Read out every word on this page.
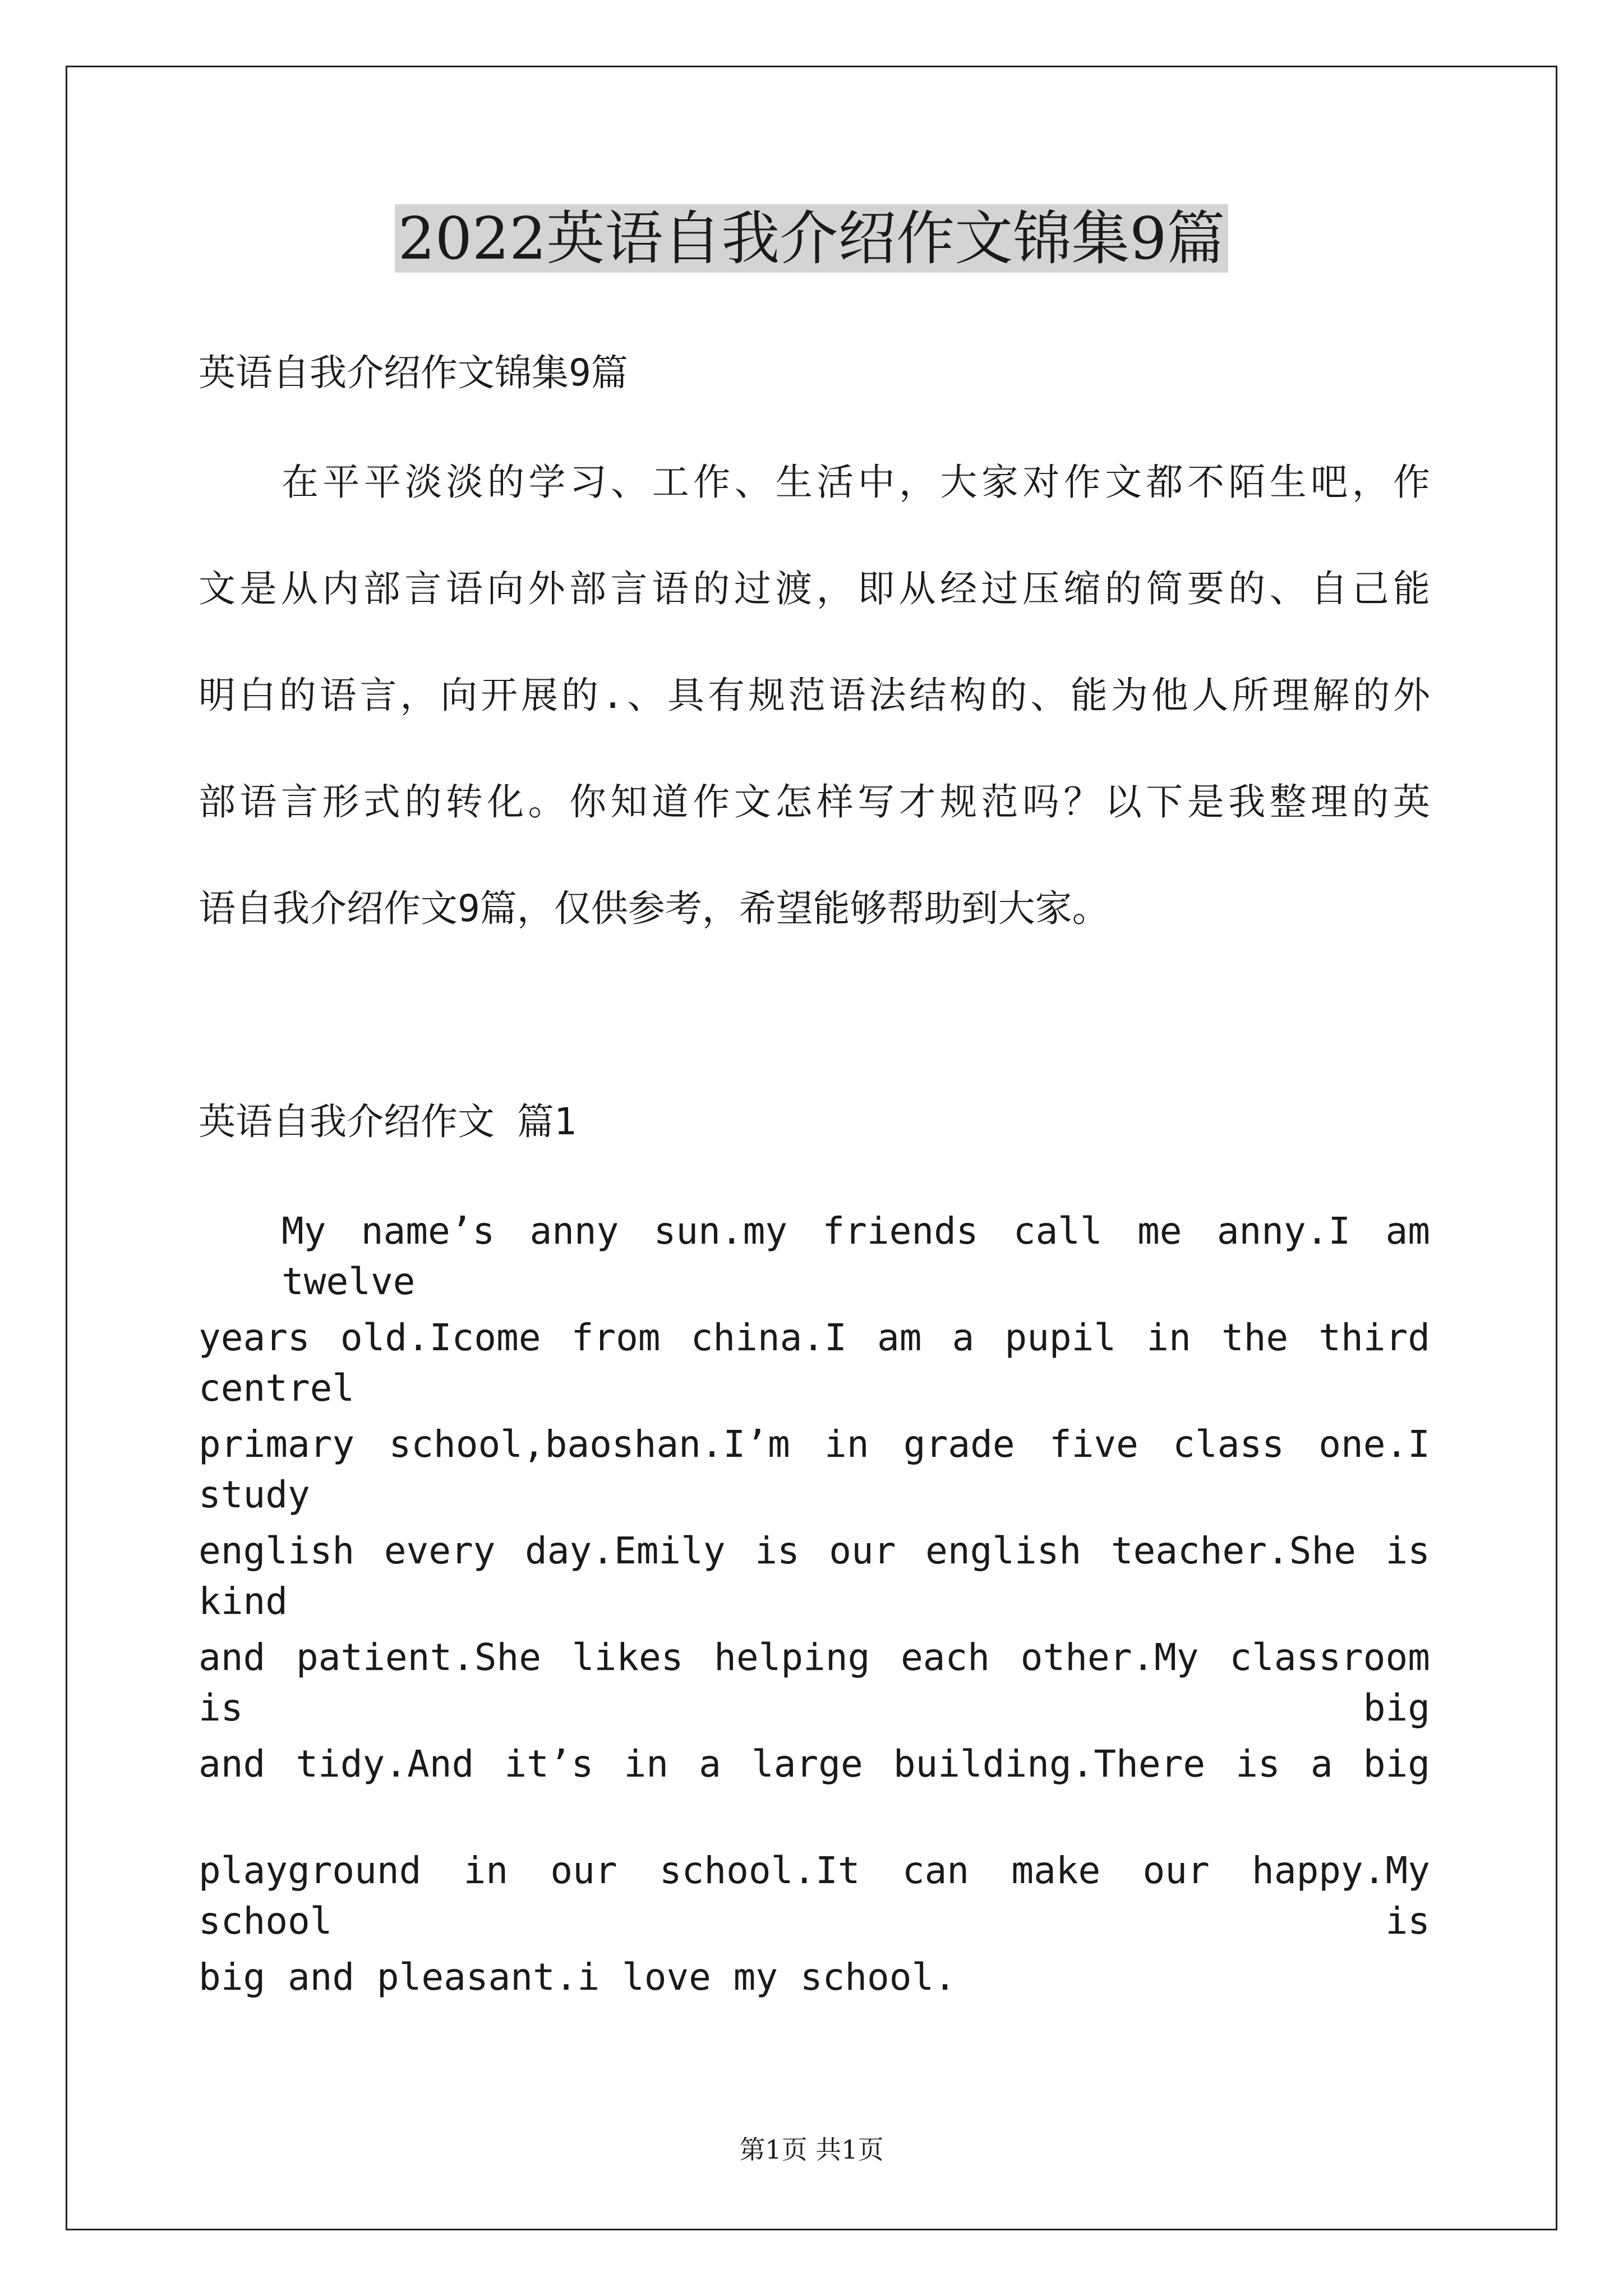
2022英语自我介绍作文锦集9篇
英语自我介绍作文锦集9篇
在平平淡淡的学习、工作、生活中，大家对作文都不陌生吧，作
文是从内部言语向外部言语的过渡，即从经过压缩的简要的、自己能
明白的语言，向开展的.、具有规范语法结构的、能为他人所理解的外
部语言形式的转化。你知道作文怎样写才规范吗？以下是我整理的英
语自我介绍作文9篇，仅供参考，希望能够帮助到大家。
英语自我介绍作文 篇1
My name’s anny sun.my friends call me anny.I am twelve
years old.Icome from china.I am a pupil in the third centrel
primary school,baoshan.I’m in grade five class one.I study
english every day.Emily is our english teacher.She is kind
and patient.She likes helping each other.My classroom is big
and tidy.And it’s in a large building.There is a big
playground in our school.It can make our happy.My school is
big and pleasant.i love my school.
第1页 共1页
